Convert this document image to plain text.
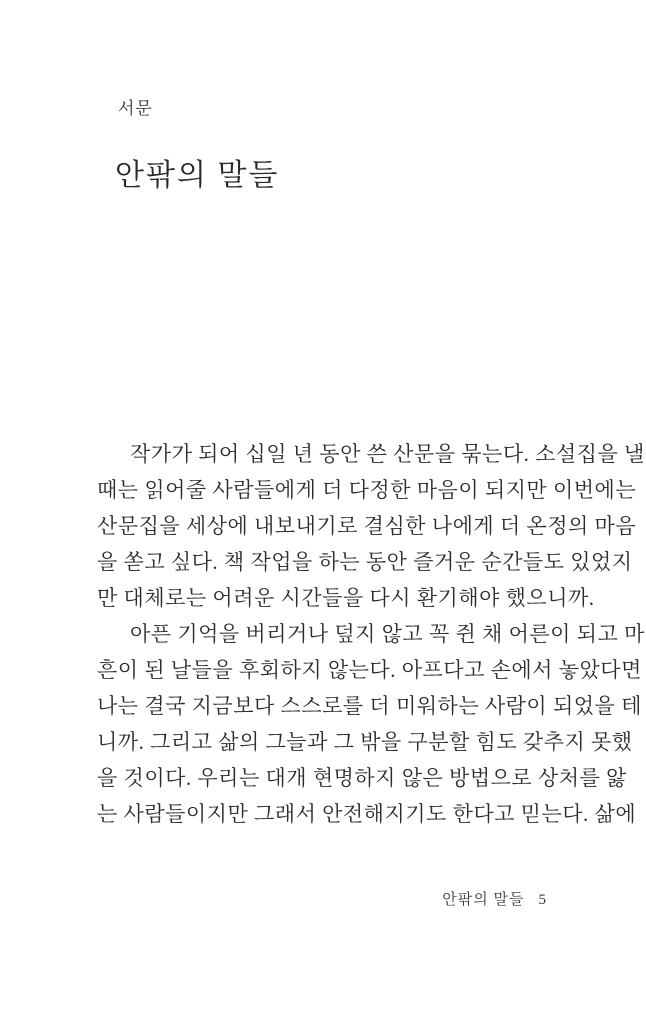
서문
안팎의 말들

작가가 되어 십일 년 동안 쓴 산문을 묶는다. 소설집을 낼
때는 읽어줄 사람들에게 더 다정한 마음이 되지만 이번에는
산문집을 세상에 내보내기로 결심한 나에게 더 온정의 마음
을 쏟고 싶다. 책 작업을 하는 동안 즐거운 순간들도 있었지
만 대체로는 어려운 시간들을 다시 환기해야 했으니까.

아픈 기억을 버리거나 덮지 않고 꼭 쥔 채 어른이 되고 마
흔이 된 날들을 후회하지 않는다. 아프다고 손에서 놓았다면
나는 결국 지금보다 스스로를 더 미워하는 사람이 되었을 테
니까. 그리고 삶의 그늘과 그 밖을 구분할 힘도 갖추지 못했
을 것이다. 우리는 대개 현명하지 않은 방법으로 상처를 앓
는 사람들이지만 그래서 안전해지기도 한다고 믿는다. 삶에

안팎의 말들 5
